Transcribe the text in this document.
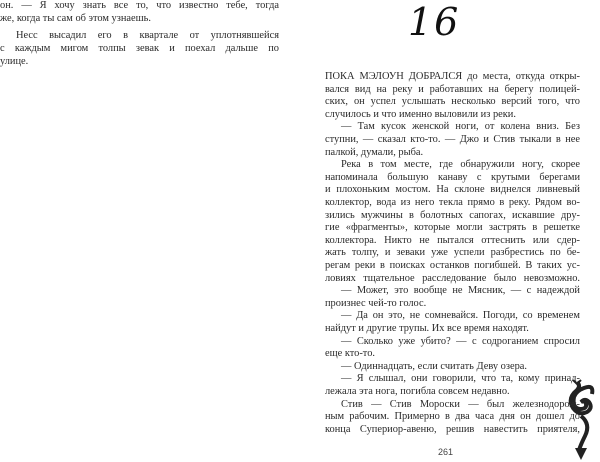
он. — Я хочу знать все то, что известно тебе, тогда
же, когда ты сам об этом узнаешь.
Несс высадил его в квартале от уплотнявшейся
с каждым мигом толпы зевак и поехал дальше по
улице.
16
261
ПОКА МЭЛОУН ДОБРАЛСЯ до места, откуда откры-
вался вид на реку и работавших на берегу полицей-
ских, он успел услышать несколько версий того, что
случилось и что именно выловили из реки.
— Там кусок женской ноги, от колена вниз. Без
ступни, — сказал кто-то. — Джо и Стив тыкали в нее
палкой, думали, рыба.
Река в том месте, где обнаружили ногу, скорее
напоминала большую канаву с крутыми берегами
и плохоньким мостом. На склоне виднелся ливневый
коллектор, вода из него текла прямо в реку. Рядом во-
зились мужчины в болотных сапогах, искавшие дру-
гие «фрагменты», которые могли застрять в решетке
коллектора. Никто не пытался оттеснить или сдер-
жать толпу, и зеваки уже успели разбрестись по бе-
регам реки в поисках останков погибшей. В таких ус-
ловиях тщательное расследование было невозможно.
— Может, это вообще не Мясник, — с надеждой
произнес чей-то голос.
— Да он это, не сомневайся. Погоди, со временем
найдут и другие трупы. Их все время находят.
— Сколько уже убито? — с содроганием спросил
еще кто-то.
— Одиннадцать, если считать Деву озера.
— Я слышал, они говорили, что та, кому принад-
лежала эта нога, погибла совсем недавно.
Стив — Стив Мороски — был железнодорож-
ным рабочим. Примерно в два часа дня он дошел до
конца Супериор-авеню, решив навестить приятеля,
